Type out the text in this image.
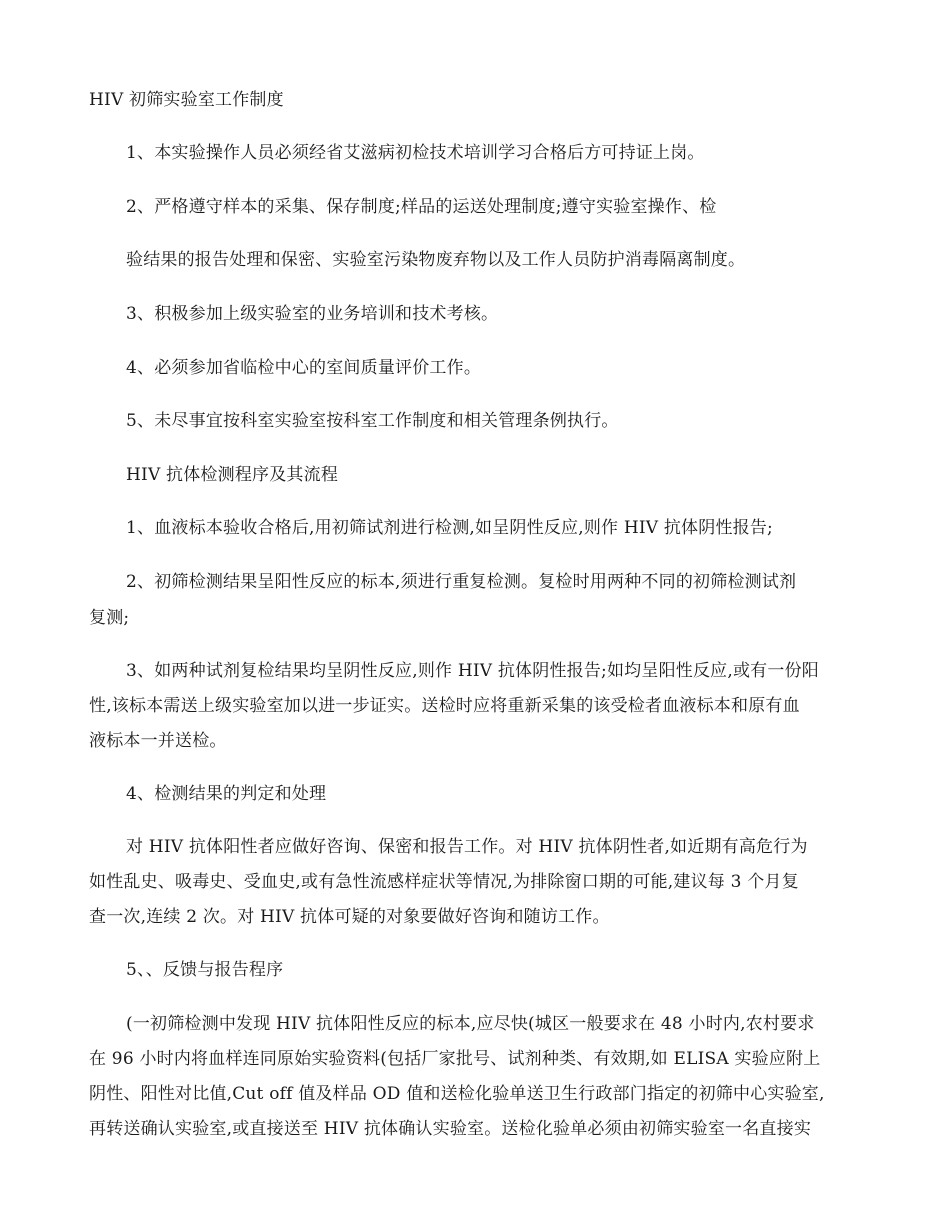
HIV 初筛实验室工作制度

1、本实验操作人员必须经省艾滋病初检技术培训学习合格后方可持证上岗。

2、严格遵守样本的采集、保存制度;样品的运送处理制度;遵守实验室操作、检

验结果的报告处理和保密、实验室污染物废弃物以及工作人员防护消毒隔离制度。

3、积极参加上级实验室的业务培训和技术考核。

4、必须参加省临检中心的室间质量评价工作。

5、未尽事宜按科室实验室按科室工作制度和相关管理条例执行。

HIV 抗体检测程序及其流程

1、血液标本验收合格后,用初筛试剂进行检测,如呈阴性反应,则作 HIV 抗体阴性报告;

2、初筛检测结果呈阳性反应的标本,须进行重复检测。复检时用两种不同的初筛检测试剂

复测;

3、如两种试剂复检结果均呈阴性反应,则作 HIV 抗体阴性报告;如均呈阳性反应,或有一份阳

性,该标本需送上级实验室加以进一步证实。送检时应将重新采集的该受检者血液标本和原有血

液标本一并送检。

4、检测结果的判定和处理

对 HIV 抗体阳性者应做好咨询、保密和报告工作。对 HIV 抗体阴性者,如近期有高危行为

如性乱史、吸毒史、受血史,或有急性流感样症状等情况,为排除窗口期的可能,建议每 3 个月复

查一次,连续 2 次。对 HIV 抗体可疑的对象要做好咨询和随访工作。

5、、反馈与报告程序

(一初筛检测中发现 HIV 抗体阳性反应的标本,应尽快(城区一般要求在 48 小时内,农村要求

在 96 小时内将血样连同原始实验资料(包括厂家批号、试剂种类、有效期,如 ELISA 实验应附上

阴性、阳性对比值,Cut off 值及样品 OD 值和送检化验单送卫生行政部门指定的初筛中心实验室,

再转送确认实验室,或直接送至 HIV 抗体确认实验室。送检化验单必须由初筛实验室一名直接实
